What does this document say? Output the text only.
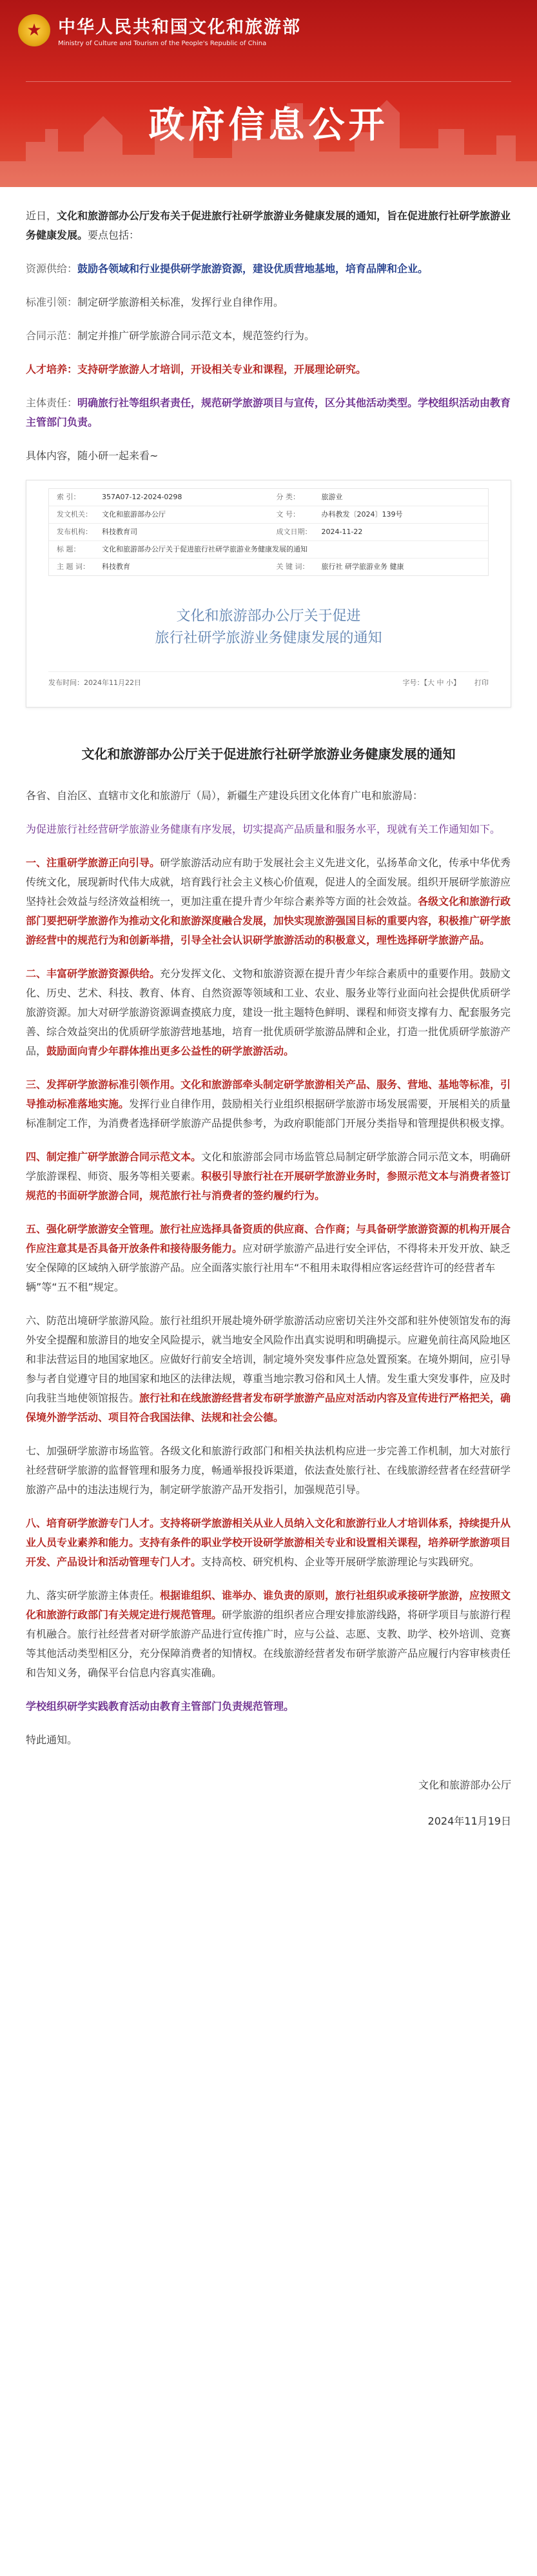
★ 中华人民共和国文化和旅游部
Ministry of Culture and Tourism of the People's Republic of China
政府信息公开

近日，文化和旅游部办公厅发布关于促进旅行社研学旅游业务健康发展的通知，旨在促进旅行社研学旅游业务健康发展。要点包括：

资源供给：鼓励各领域和行业提供研学旅游资源，建设优质营地基地，培育品牌和企业。

标准引领：制定研学旅游相关标准，发挥行业自律作用。

合同示范：制定并推广研学旅游合同示范文本，规范签约行为。

人才培养：支持研学旅游人才培训，开设相关专业和课程，开展理论研究。

主体责任：明确旅行社等组织者责任，规范研学旅游项目与宣传，区分其他活动类型。学校组织活动由教育主管部门负责。

具体内容，随小研一起来看~

索 引：	357A07-12-2024-0298	分 类：	旅游业
发文机关：	文化和旅游部办公厅	文 号：	办科教发〔2024〕139号
发布机构：	科技教育司	成文日期：	2024-11-22
标 题：	文化和旅游部办公厅关于促进旅行社研学旅游业务健康发展的通知
主 题 词：	科技教育	关 键 词：	旅行社 研学旅游业务 健康
文化和旅游部办公厅关于促进
旅行社研学旅游业务健康发展的通知
发布时间：2024年11月22日	字号：【大 中 小】 打印
文化和旅游部办公厅关于促进旅行社研学旅游业务健康发展的通知

各省、自治区、直辖市文化和旅游厅（局），新疆生产建设兵团文化体育广电和旅游局：

为促进旅行社经营研学旅游业务健康有序发展，切实提高产品质量和服务水平，现就有关工作通知如下。

一、注重研学旅游正向引导。研学旅游活动应有助于发展社会主义先进文化，弘扬革命文化，传承中华优秀传统文化，展现新时代伟大成就，培育践行社会主义核心价值观，促进人的全面发展。组织开展研学旅游应坚持社会效益与经济效益相统一，更加注重在提升青少年综合素养等方面的社会效益。各级文化和旅游行政部门要把研学旅游作为推动文化和旅游深度融合发展，加快实现旅游强国目标的重要内容，积极推广研学旅游经营中的规范行为和创新举措，引导全社会认识研学旅游活动的积极意义，理性选择研学旅游产品。

二、丰富研学旅游资源供给。充分发挥文化、文物和旅游资源在提升青少年综合素质中的重要作用。鼓励文化、历史、艺术、科技、教育、体育、自然资源等领域和工业、农业、服务业等行业面向社会提供优质研学旅游资源。加大对研学旅游资源调查摸底力度，建设一批主题特色鲜明、课程和师资支撑有力、配套服务完善、综合效益突出的优质研学旅游营地基地，培育一批优质研学旅游品牌和企业，打造一批优质研学旅游产品，鼓励面向青少年群体推出更多公益性的研学旅游活动。

三、发挥研学旅游标准引领作用。文化和旅游部牵头制定研学旅游相关产品、服务、营地、基地等标准，引导推动标准落地实施。发挥行业自律作用，鼓励相关行业组织根据研学旅游市场发展需要，开展相关的质量标准制定工作，为消费者选择研学旅游产品提供参考，为政府职能部门开展分类指导和管理提供积极支撑。

四、制定推广研学旅游合同示范文本。文化和旅游部会同市场监管总局制定研学旅游合同示范文本，明确研学旅游课程、师资、服务等相关要素。积极引导旅行社在开展研学旅游业务时，参照示范文本与消费者签订规范的书面研学旅游合同，规范旅行社与消费者的签约履约行为。

五、强化研学旅游安全管理。旅行社应选择具备资质的供应商、合作商；与具备研学旅游资源的机构开展合作应注意其是否具备开放条件和接待服务能力。应对研学旅游产品进行安全评估，不得将未开发开放、缺乏安全保障的区域纳入研学旅游产品。应全面落实旅行社用车“不租用未取得相应客运经营许可的经营者车辆”等“五不租”规定。

六、防范出境研学旅游风险。旅行社组织开展赴境外研学旅游活动应密切关注外交部和驻外使领馆发布的海外安全提醒和旅游目的地安全风险提示，就当地安全风险作出真实说明和明确提示。应避免前往高风险地区和非法营运目的地国家地区。应做好行前安全培训，制定境外突发事件应急处置预案。在境外期间，应引导参与者自觉遵守目的地国家和地区的法律法规，尊重当地宗教习俗和风土人情。发生重大突发事件，应及时向我驻当地使领馆报告。旅行社和在线旅游经营者发布研学旅游产品应对活动内容及宣传进行严格把关，确保境外游学活动、项目符合我国法律、法规和社会公德。

七、加强研学旅游市场监管。各级文化和旅游行政部门和相关执法机构应进一步完善工作机制，加大对旅行社经营研学旅游的监督管理和服务力度，畅通举报投诉渠道，依法查处旅行社、在线旅游经营者在经营研学旅游产品中的违法违规行为，制定研学旅游产品开发指引，加强规范引导。

八、培育研学旅游专门人才。支持将研学旅游相关从业人员纳入文化和旅游行业人才培训体系，持续提升从业人员专业素养和能力。支持有条件的职业学校开设研学旅游相关专业和设置相关课程，培养研学旅游项目开发、产品设计和活动管理专门人才。支持高校、研究机构、企业等开展研学旅游理论与实践研究。

九、落实研学旅游主体责任。根据谁组织、谁举办、谁负责的原则，旅行社组织或承接研学旅游，应按照文化和旅游行政部门有关规定进行规范管理。研学旅游的组织者应合理安排旅游线路，将研学项目与旅游行程有机融合。旅行社经营者对研学旅游产品进行宣传推广时，应与公益、志愿、支教、助学、校外培训、竞赛等其他活动类型相区分，充分保障消费者的知情权。在线旅游经营者发布研学旅游产品应履行内容审核责任和告知义务，确保平台信息内容真实准确。

学校组织研学实践教育活动由教育主管部门负责规范管理。

特此通知。

文化和旅游部办公厅

2024年11月19日
